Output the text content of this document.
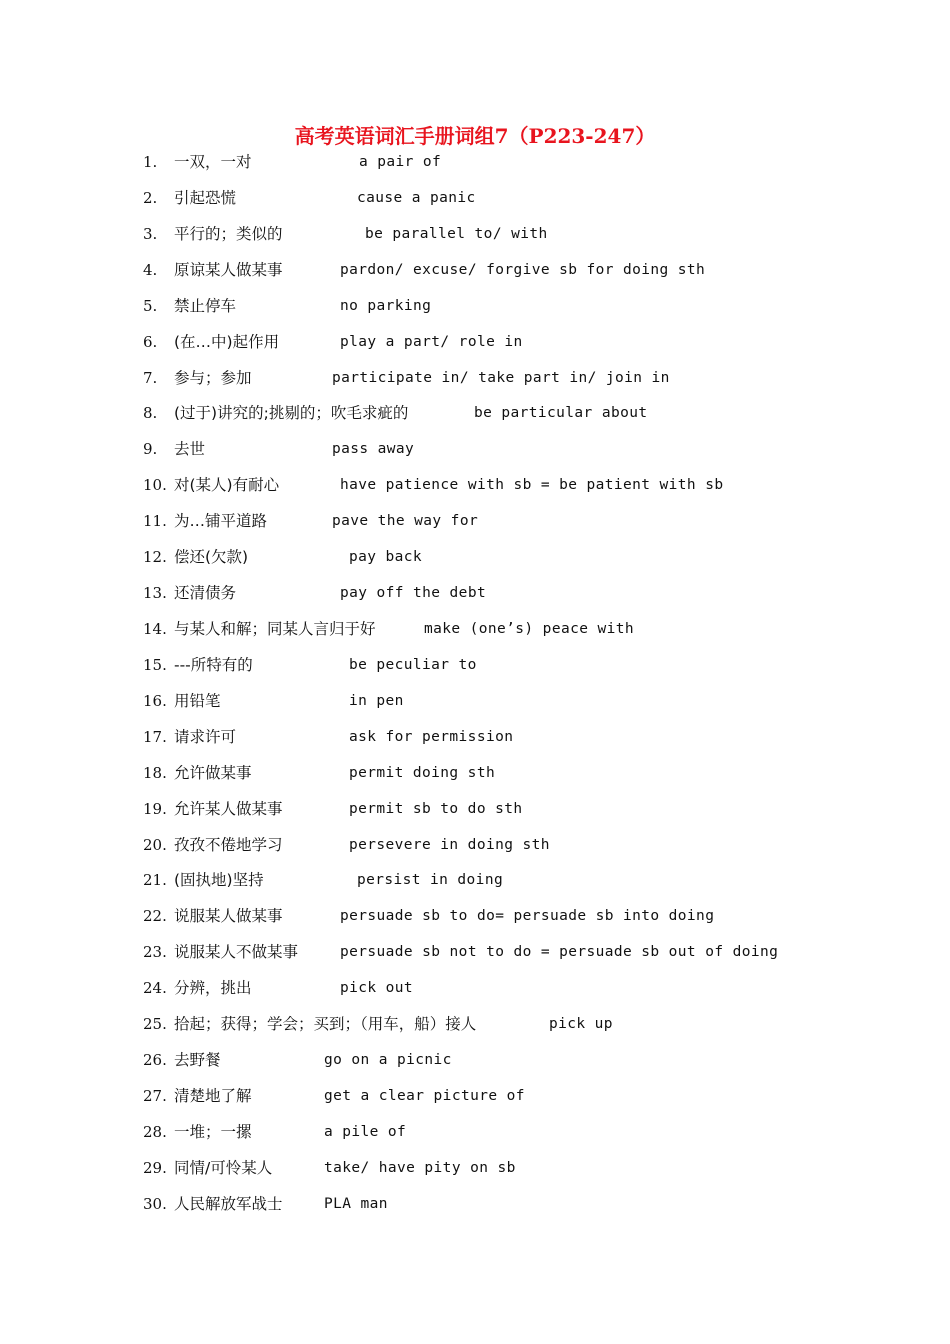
高考英语词汇手册词组7（P223-247）
1. 一双，一对	a pair of
2. 引起恐慌	cause a panic
3. 平行的；类似的	be parallel to/ with
4. 原谅某人做某事	pardon/ excuse/ forgive sb for doing sth
5. 禁止停车	no parking
6. (在…中)起作用	play a part/ role in
7. 参与；参加	participate in/ take part in/ join in
8. (过于)讲究的;挑剔的；吹毛求疵的	be particular about
9. 去世	pass away
10. 对(某人)有耐心	have patience with sb = be patient with sb
11. 为…铺平道路	pave the way for
12. 偿还(欠款)	pay back
13. 还清债务	pay off the debt
14. 与某人和解；同某人言归于好	make (one’s) peace with
15. ---所特有的	be peculiar to
16. 用铅笔	in pen
17. 请求许可	ask for permission
18. 允许做某事	permit doing sth
19. 允许某人做某事	permit sb to do sth
20. 孜孜不倦地学习	persevere in doing sth
21. (固执地)坚持	persist in doing
22. 说服某人做某事	persuade sb to do= persuade sb into doing
23. 说服某人不做某事	persuade sb not to do = persuade sb out of doing
24. 分辨，挑出	pick out
25. 拾起；获得；学会；买到；（用车，船）接人	pick up
26. 去野餐	go on a picnic
27. 清楚地了解	get a clear picture of
28. 一堆；一摞	a pile of
29. 同情/可怜某人	take/ have pity on sb
30. 人民解放军战士	PLA man
